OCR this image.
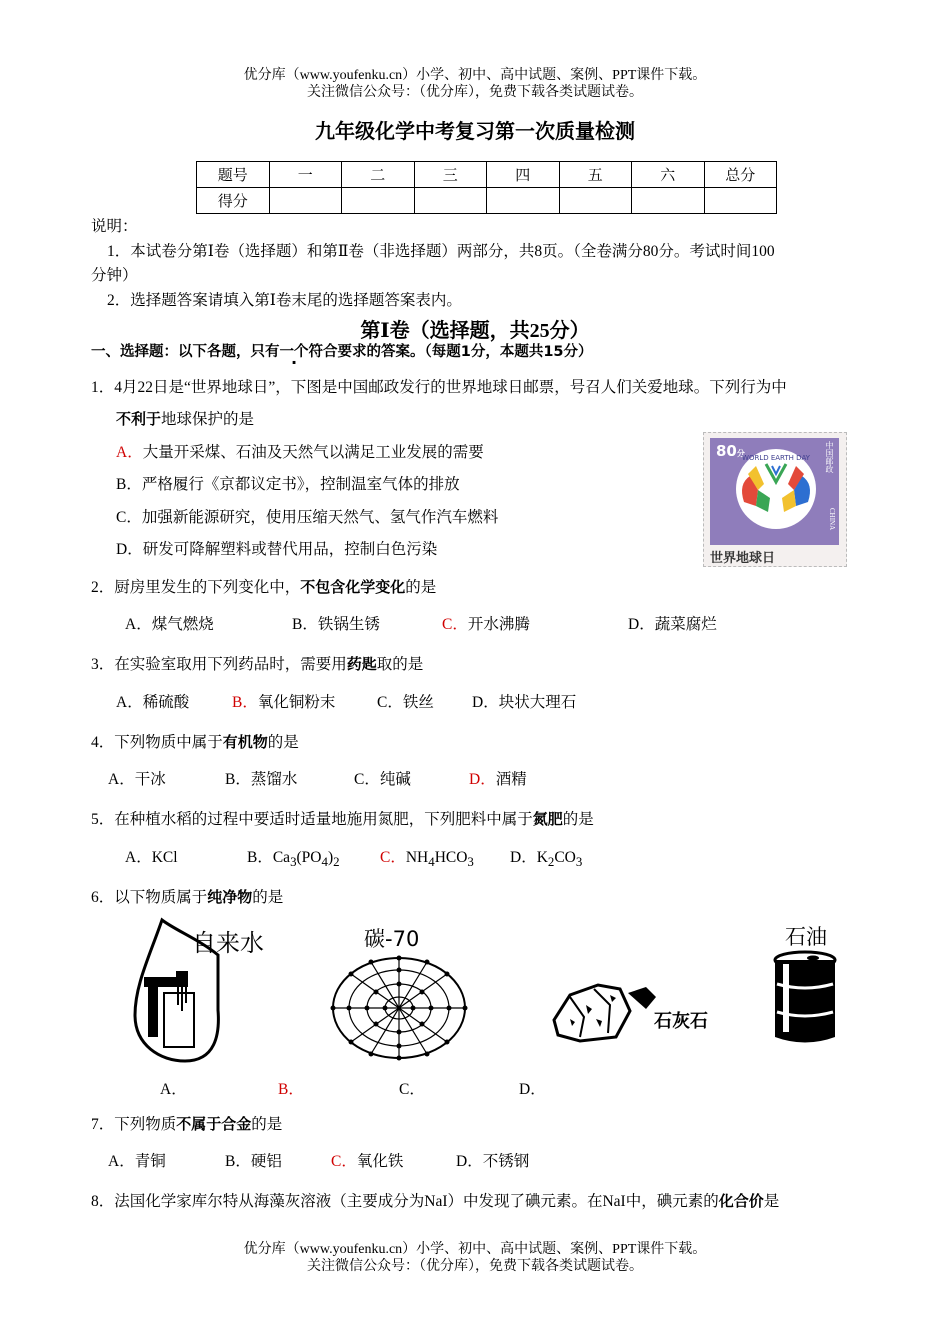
优分库（www.youfenku.cn）小学、初中、高中试题、案例、PPT课件下载。
关注微信公众号：（优分库），免费下载各类试题试卷。
九年级化学中考复习第一次质量检测
题号	一	二	三	四	五	六	总分
得分							
说明：
1．本试卷分第Ⅰ卷（选择题）和第Ⅱ卷（非选择题）两部分，共8页。（全卷满分80分。考试时间100
分钟）
2．选择题答案请填入第Ⅰ卷末尾的选择题答案表内。
第Ⅰ卷（选择题，共25分）
一、选择题：以下各题，只有一个符合要求的答案。（每题1分，本题共15分）
1．4月22日是“世界地球日”，下图是中国邮政发行的世界地球日邮票，号召人们关爱地球。下列行为中
不利于地球保护的是
A．大量开采煤、石油及天然气以满足工业发展的需要
B．严格履行《京都议定书》，控制温室气体的排放
C．加强新能源研究，使用压缩天然气、氢气作汽车燃料
D．研发可降解塑料或替代用品，控制白色污染
80分	中国邮政
CHINA
WORLD EARTH DAY
世界地球日
2．厨房里发生的下列变化中，不包含化学变化的是
A．煤气燃烧	B．铁锅生锈	C．开水沸腾	D．蔬菜腐烂
3．在实验室取用下列药品时，需要用药匙取的是
A．稀硫酸	B．氧化铜粉末	C．铁丝 D．块状大理石
4．下列物质中属于有机物的是
A．干冰	B．蒸馏水	C．纯碱	D．酒精
5．在种植水稻的过程中要适时适量地施用氮肥，下列肥料中属于氮肥的是
A．KCl	B．$Ca_3(PO_4)_2$	C．$NH_4HCO_3$ D．$K_2CO_3$
6．以下物质属于纯净物的是
自来水	碳-70
石灰石
石油
A．	B．	C．	D．
7．下列物质不属于合金的是
A．青铜	B．硬铝	C．氧化铁	D．不锈钢
8．法国化学家库尔特从海藻灰溶液（主要成分为NaI）中发现了碘元素。在NaI中，碘元素的化合价是
优分库（www.youfenku.cn）小学、初中、高中试题、案例、PPT课件下载。
关注微信公众号：（优分库），免费下载各类试题试卷。
